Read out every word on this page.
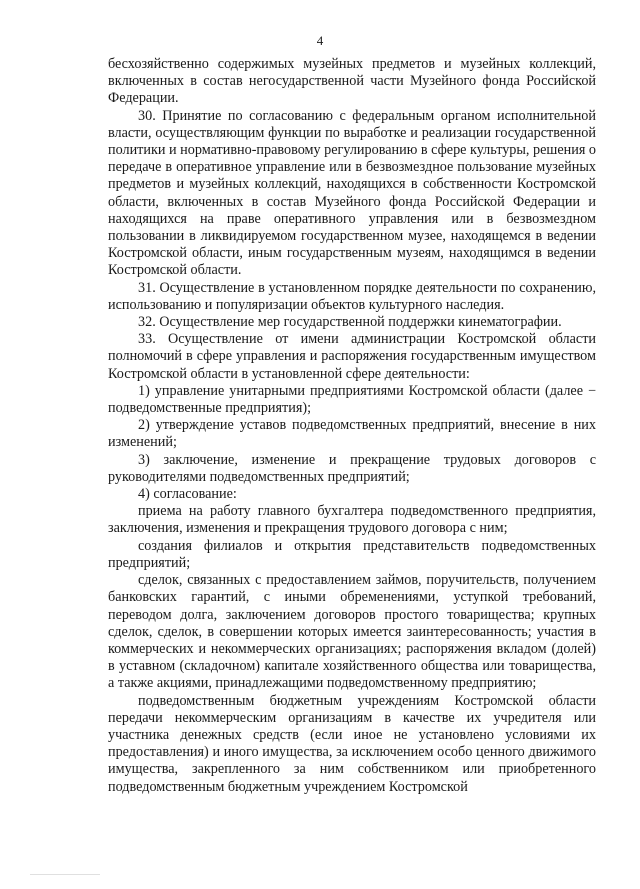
4

бесхозяйственно содержимых музейных предметов и музейных коллекций, включенных в состав негосударственной части Музейного фонда Российской Федерации.

30. Принятие по согласованию с федеральным органом исполнительной власти, осуществляющим функции по выработке и реализации государственной политики и нормативно-правовому регулированию в сфере культуры, решения о передаче в оперативное управление или в безвозмездное пользование музейных предметов и музейных коллекций, находящихся в собственности Костромской области, включенных в состав Музейного фонда Российской Федерации и находящихся на праве оперативного управления или в безвозмездном пользовании в ликвидируемом государственном музее, находящемся в ведении Костромской области, иным государственным музеям, находящимся в ведении Костромской области.

31. Осуществление в установленном порядке деятельности по сохранению, использованию и популяризации объектов культурного наследия.

32. Осуществление мер государственной поддержки кинематографии.

33. Осуществление от имени администрации Костромской области полномочий в сфере управления и распоряжения государственным имуществом Костромской области в установленной сфере деятельности:

1) управление унитарными предприятиями Костромской области (далее − подведомственные предприятия);

2) утверждение уставов подведомственных предприятий, внесение в них изменений;

3) заключение, изменение и прекращение трудовых договоров с руководителями подведомственных предприятий;

4) согласование:

приема на работу главного бухгалтера подведомственного предприятия, заключения, изменения и прекращения трудового договора с ним;

создания филиалов и открытия представительств подведомственных предприятий;

сделок, связанных с предоставлением займов, поручительств, получением банковских гарантий, с иными обременениями, уступкой требований, переводом долга, заключением договоров простого товарищества; крупных сделок, сделок, в совершении которых имеется заинтересованность; участия в коммерческих и некоммерческих организациях; распоряжения вкладом (долей) в уставном (складочном) капитале хозяйственного общества или товарищества, а также акциями, принадлежащими подведомственному предприятию;

подведомственным бюджетным учреждениям Костромской области передачи некоммерческим организациям в качестве их учредителя или участника денежных средств (если иное не установлено условиями их предоставления) и иного имущества, за исключением особо ценного движимого имущества, закрепленного за ним собственником или приобретенного подведомственным бюджетным учреждением Костромской
